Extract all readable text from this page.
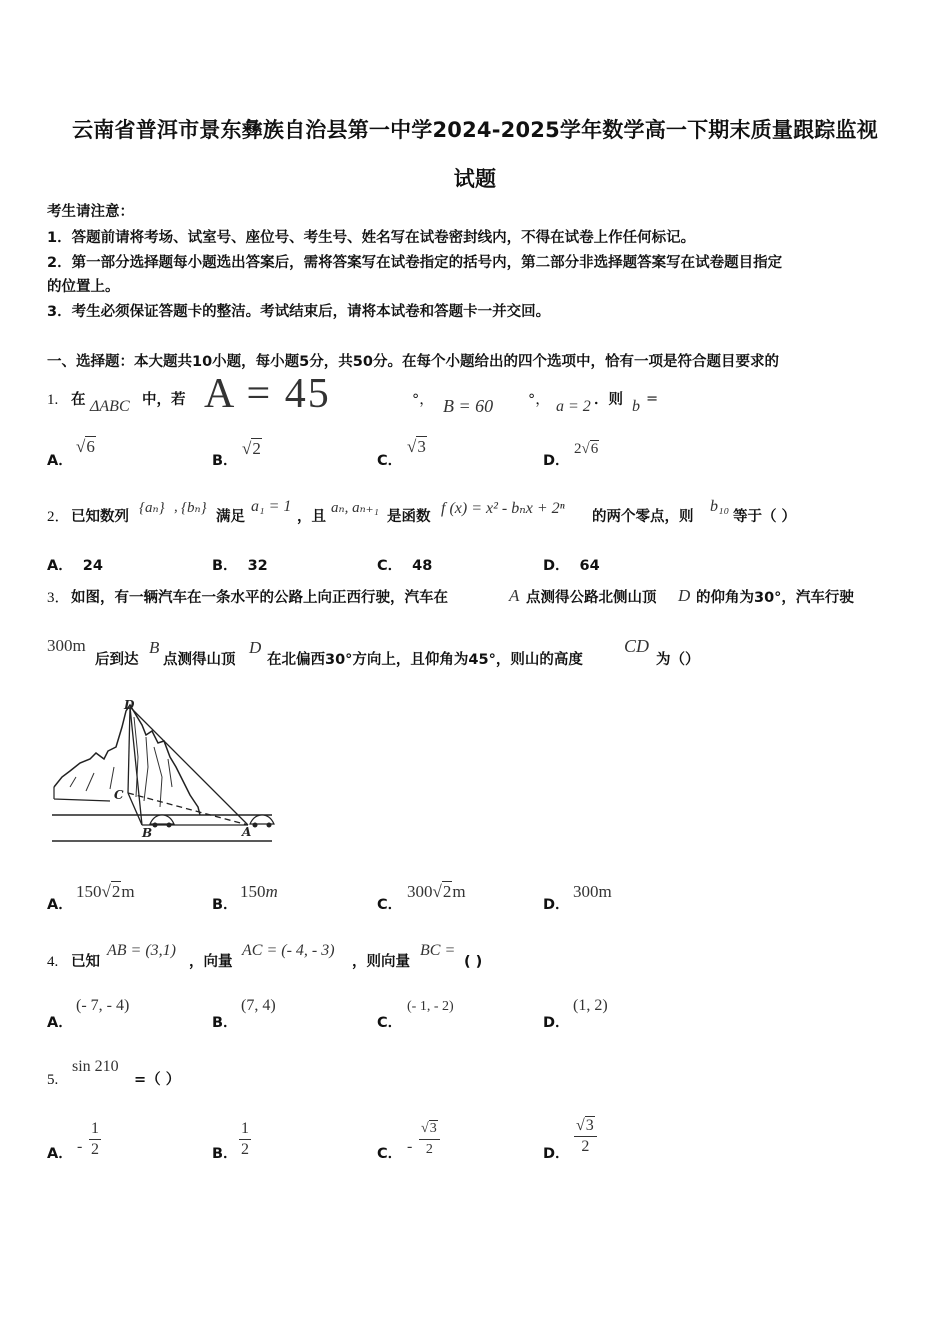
云南省普洱市景东彝族自治县第一中学2024-2025学年数学高一下期末质量跟踪监视
试题
考生请注意：
1．答题前请将考场、试室号、座位号、考生号、姓名写在试卷密封线内，不得在试卷上作任何标记。
2．第一部分选择题每小题选出答案后，需将答案写在试卷指定的括号内，第二部分非选择题答案写在试卷题目指定
的位置上。
3．考生必须保证答题卡的整洁。考试结束后，请将本试卷和答题卡一并交回。
一、选择题：本大题共10小题，每小题5分，共50分。在每个小题给出的四个选项中，恰有一项是符合题目要求的
1. 在 ΔABC 中，若 A = 45	°， B = 60 °， a = 2 ．则 b =
A．
√6
B．
√2
C．
√3
D．
2√6
2． 已知数列
{aₙ} , {bₙ}
满足
a₁ = 1
，且
aₙ, aₙ₊₁
是函数 f (x) = x² - bₙx + 2ⁿ 的两个零点，则
b₁₀
等于（ ）
A． 24	B． 32	C． 48	D． 64
3． 如图，有一辆汽车在一条水平的公路上向正西行驶，汽车在	A 点测得公路北侧山顶 D 的仰角为30°，汽车行驶
300m
后到达
B
点测得山顶
D
在北偏西30°方向上，且仰角为45°，则山的高度
CD
为（）
D
C
B	A
A．
150√2m
B．
150m
C．
300√2m
D．
300m
4. 已知
AB = (3,1)
，向量
AC = (- 4, - 3)
，则向量
BC =
( )
A．
(- 7, - 4)
B．
(7, 4)
C．
(- 1, - 2)
D．
(1, 2)
5.
sin 210
=（ ）
A． - $\frac{1}{2}$	B． $\frac{1}{2}$	C． - $\frac{√3}{2}$	D． $\frac{√3}{2}$
